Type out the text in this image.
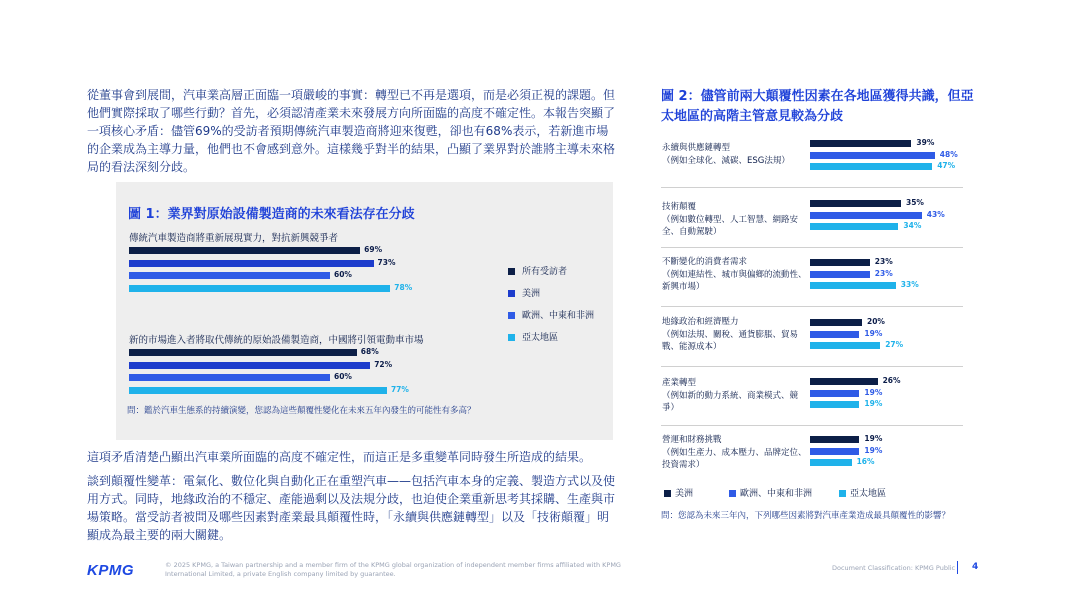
從董事會到展間，汽車業高層正面臨一項嚴峻的事實：轉型已不再是選項，而是必須正視的課題。但他們實際採取了哪些行動？首先，必須認清產業未來發展方向所面臨的高度不確定性。本報告突顯了一項核心矛盾：儘管69%的受訪者預期傳統汽車製造商將迎來復甦，卻也有68%表示，若新進市場的企業成為主導力量，他們也不會感到意外。這樣幾乎對半的結果，凸顯了業界對於誰將主導未來格局的看法深刻分歧。
圖 1：業界對原始設備製造商的未來看法存在分歧
傳統汽車製造商將重新展現實力，對抗新興競爭者
新的市場進入者將取代傳統的原始設備製造商，中國將引領電動車市場
69%
73%
60%
78%
68%
72%
60%
77%
所有受訪者
美洲
歐洲、中東和非洲
亞太地區
問：鑑於汽車生態系的持續演變，您認為這些顛覆性變化在未來五年內發生的可能性有多高？
這項矛盾清楚凸顯出汽車業所面臨的高度不確定性，而這正是多重變革同時發生所造成的結果。
談到顛覆性變革：電氣化、數位化與自動化正在重塑汽車——包括汽車本身的定義、製造方式以及使用方式。同時，地緣政治的不穩定、產能過剩以及法規分歧，也迫使企業重新思考其採購、生產與市場策略。當受訪者被問及哪些因素對產業最具顛覆性時，「永續與供應鏈轉型」以及「技術顛覆」明顯成為最主要的兩大關鍵。
圖 2：儘管前兩大顛覆性因素在各地區獲得共識，但亞太地區的高階主管意見較為分歧
永續與供應鏈轉型
（例如全球化、減碳、ESG法規）
39%
48%
47%
技術顛覆
（例如數位轉型、人工智慧、網路安全、自動駕駛）
35%
43%
34%
不斷變化的消費者需求
（例如連結性、城市與偏鄉的流動性、新興市場）
23%
23%
33%
地緣政治和經濟壓力
（例如法規、關稅、通貨膨脹、貿易戰、能源成本）
20%
19%
27%
產業轉型
（例如新的動力系統、商業模式、競爭）
26%
19%
19%
營運和財務挑戰
（例如生產力、成本壓力、品牌定位、投資需求）
19%
19%
16%
美洲	歐洲、中東和非洲	亞太地區
問：您認為未來三年內，下列哪些因素將對汽車產業造成最具顛覆性的影響？
KPMG	© 2025 KPMG, a Taiwan partnership and a member firm of the KPMG global organization of independent member firms affiliated with KPMG International Limited, a private English company limited by guarantee.
Document Classification: KPMG Public 4
